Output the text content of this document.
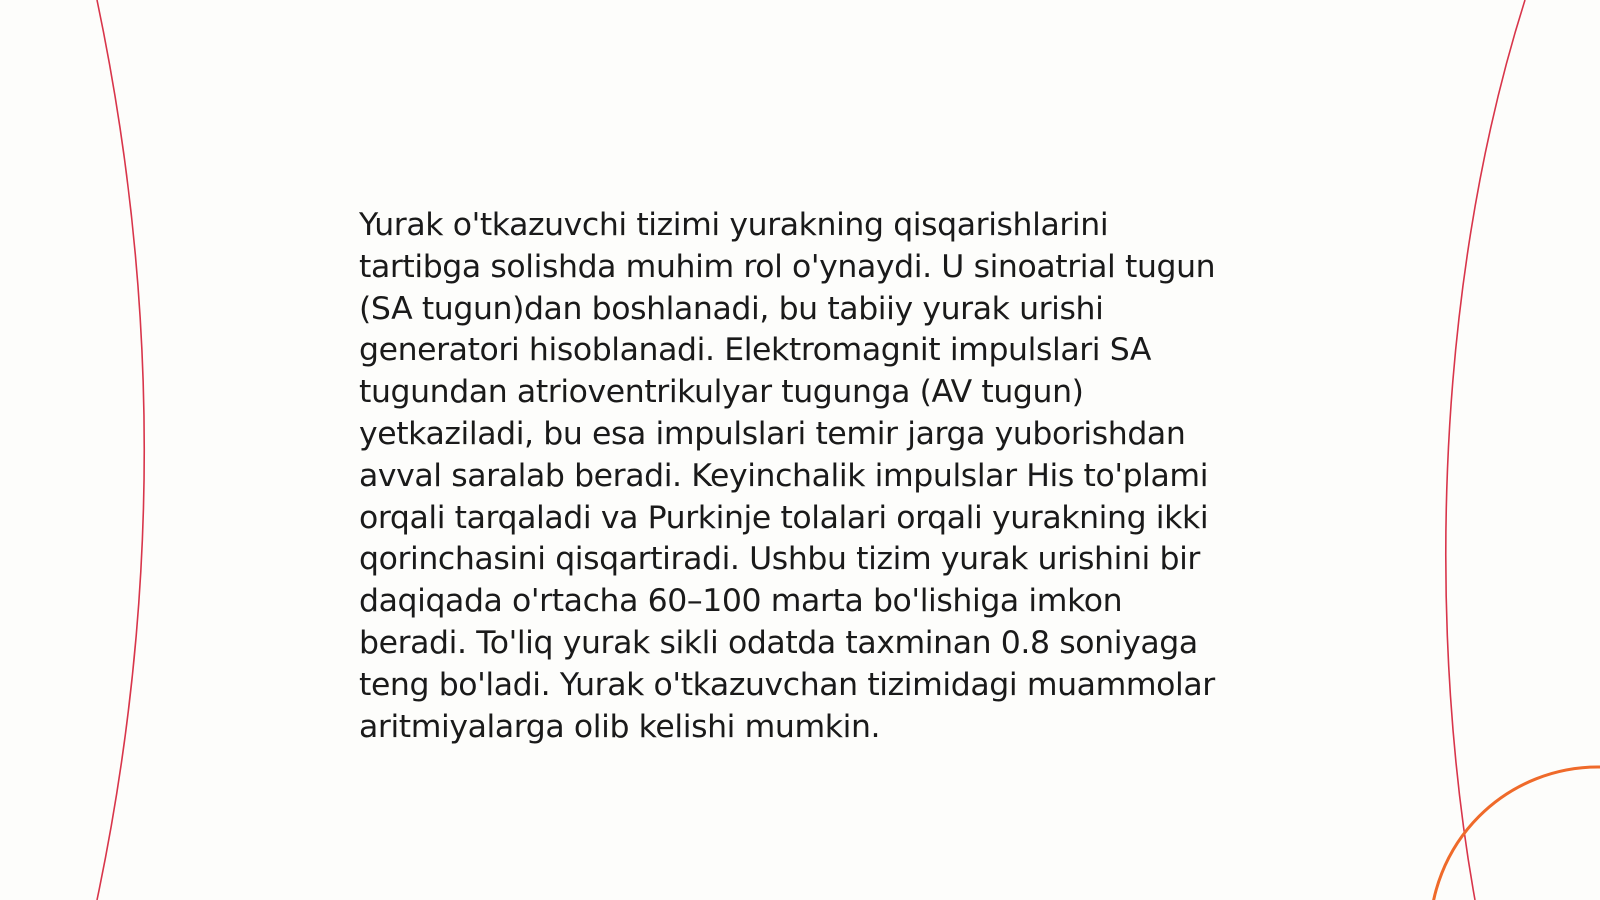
Yurak o'tkazuvchi tizimi yurakning qisqarishlarini tartibga solishda muhim rol o'ynaydi. U sinoatrial tugun (SA tugun)dan boshlanadi, bu tabiiy yurak urishi generatori hisoblanadi. Elektromagnit impulslari SA tugundan atrioventrikulyar tugunga (AV tugun) yetkaziladi, bu esa impulslari temir jarga yuborishdan avval saralab beradi. Keyinchalik impulslar His to'plami orqali tarqaladi va Purkinje tolalari orqali yurakning ikki qorinchasini qisqartiradi. Ushbu tizim yurak urishini bir daqiqada o'rtacha 60–100 marta bo'lishiga imkon beradi. To'liq yurak sikli odatda taxminan 0.8 soniyaga teng bo'ladi. Yurak o'tkazuvchan tizimidagi muammolar aritmiyalarga olib kelishi mumkin.
